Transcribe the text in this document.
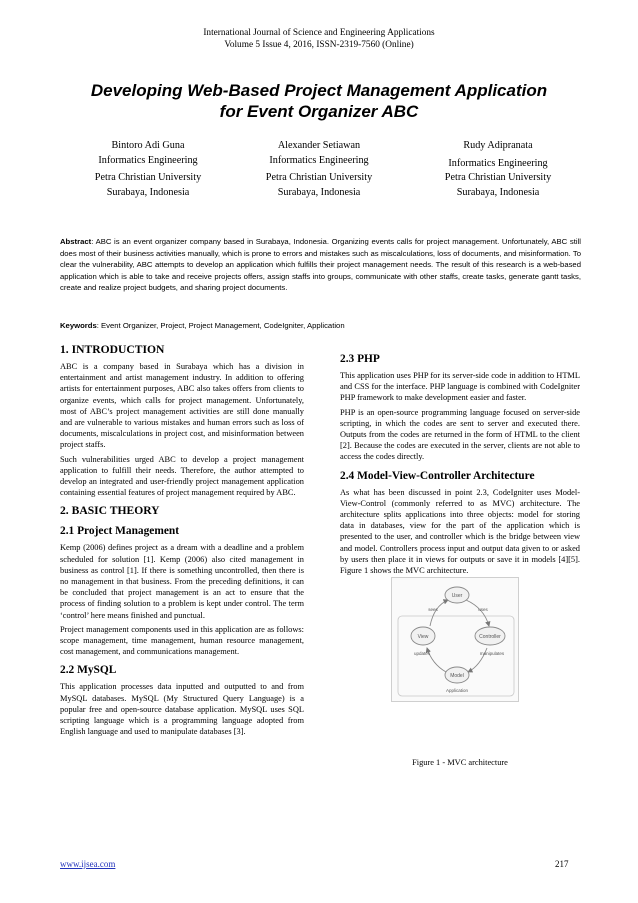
International Journal of Science and Engineering Applications
Volume 5 Issue 4, 2016, ISSN-2319-7560 (Online)
Developing Web-Based Project Management Application
for Event Organizer ABC
Bintoro Adi Guna
Informatics Engineering
Petra Christian University
Surabaya, Indonesia
Alexander Setiawan
Informatics Engineering
Petra Christian University
Surabaya, Indonesia
Rudy Adipranata
Informatics Engineering
Petra Christian University
Surabaya, Indonesia
Abstract: ABC is an event organizer company based in Surabaya, Indonesia. Organizing events calls for project management. Unfortunately, ABC still does most of their business activities manually, which is prone to errors and mistakes such as miscalculations, loss of documents, and misinformation. To clear the vulnerability, ABC attempts to develop an application which fulfills their project management needs. The result of this research is a web-based application which is able to take and receive projects offers, assign staffs into groups, communicate with other staffs, create tasks, generate gantt tasks, create and realize project budgets, and sharing project documents.
Keywords: Event Organizer, Project, Project Management, CodeIgniter, Application
1. INTRODUCTION

ABC is a company based in Surabaya which has a division in entertainment and artist management industry. In addition to offering artists for entertainment purposes, ABC also takes offers from clients to organize events, which calls for project management. Unfortunately, most of ABC’s project management activities are still done manually and are vulnerable to various mistakes and human errors such as loss of documents, miscalculations in project cost, and misinformation between project staffs.

Such vulnerabilities urged ABC to develop a project management application to fulfill their needs. Therefore, the author attempted to develop an integrated and user-friendly project management application containing essential features of project management required by ABC.

2. BASIC THEORY
2.1 Project Management

Kemp (2006) defines project as a dream with a deadline and a problem scheduled for solution [1]. Kemp (2006) also cited management in business as control [1]. If there is something uncontrolled, then there is no management in that business. From the preceding definitions, it can be concluded that project management is an act to ensure that the process of finding solution to a problem is kept under control. The term ‘control’ here means finished and punctual.

Project management components used in this application are as follows: scope management, time management, human resource management, cost management, and communications management.

2.2 MySQL

This application processes data inputted and outputted to and from MySQL databases. MySQL (My Structured Query Language) is a popular free and open-source database application. MySQL uses SQL scripting language which is a programming language adopted from English language and used to manipulate databases [3].

2.3 PHP

This application uses PHP for its server-side code in addition to HTML and CSS for the interface. PHP language is combined with CodeIgniter PHP framework to make development easier and faster.

PHP is an open-source programming language focused on server-side scripting, in which the codes are sent to server and executed there. Outputs from the codes are returned in the form of HTML to the client [2]. Because the codes are executed in the server, clients are not able to access the codes directly.

2.4 Model-View-Controller Architecture

As what has been discussed in point 2.3, CodeIgniter uses Model-View-Control (commonly referred to as MVC) architecture. The architecture splits applications into three objects: model for storing data in databases, view for the part of the application which is presented to the user, and controller which is the bridge between view and model. Controllers process input and output data given to or asked by users then place it in views for outputs or save it in models [4][5]. Figure 1 shows the MVC architecture.

User
View	Controller
Model
sees	uses
updates	manipulates
Application
Figure 1 - MVC architecture
www.ijsea.com	217
